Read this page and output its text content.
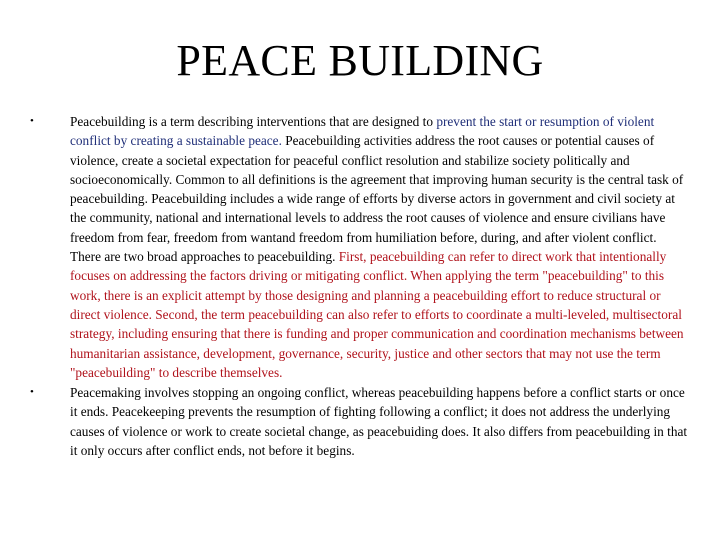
PEACE BUILDING
•	Peacebuilding is a term describing interventions that are designed to prevent the start or resumption of violent conflict by creating a sustainable peace. Peacebuilding activities address the root causes or potential causes of violence, create a societal expectation for peaceful conflict resolution and stabilize society politically and socioeconomically. Common to all definitions is the agreement that improving human security is the central task of peacebuilding. Peacebuilding includes a wide range of efforts by diverse actors in government and civil society at the community, national and international levels to address the root causes of violence and ensure civilians have freedom from fear, freedom from wantand freedom from humiliation before, during, and after violent conflict. There are two broad approaches to peacebuilding. First, peacebuilding can refer to direct work that intentionally focuses on addressing the factors driving or mitigating conflict. When applying the term "peacebuilding" to this work, there is an explicit attempt by those designing and planning a peacebuilding effort to reduce structural or direct violence. Second, the term peacebuilding can also refer to efforts to coordinate a multi-leveled, multisectoral strategy, including ensuring that there is funding and proper communication and coordination mechanisms between humanitarian assistance, development, governance, security, justice and other sectors that may not use the term "peacebuilding" to describe themselves.
•	Peacemaking involves stopping an ongoing conflict, whereas peacebuilding happens before a conflict starts or once it ends. Peacekeeping prevents the resumption of fighting following a conflict; it does not address the underlying causes of violence or work to create societal change, as peacebuiding does. It also differs from peacebuilding in that it only occurs after conflict ends, not before it begins.
